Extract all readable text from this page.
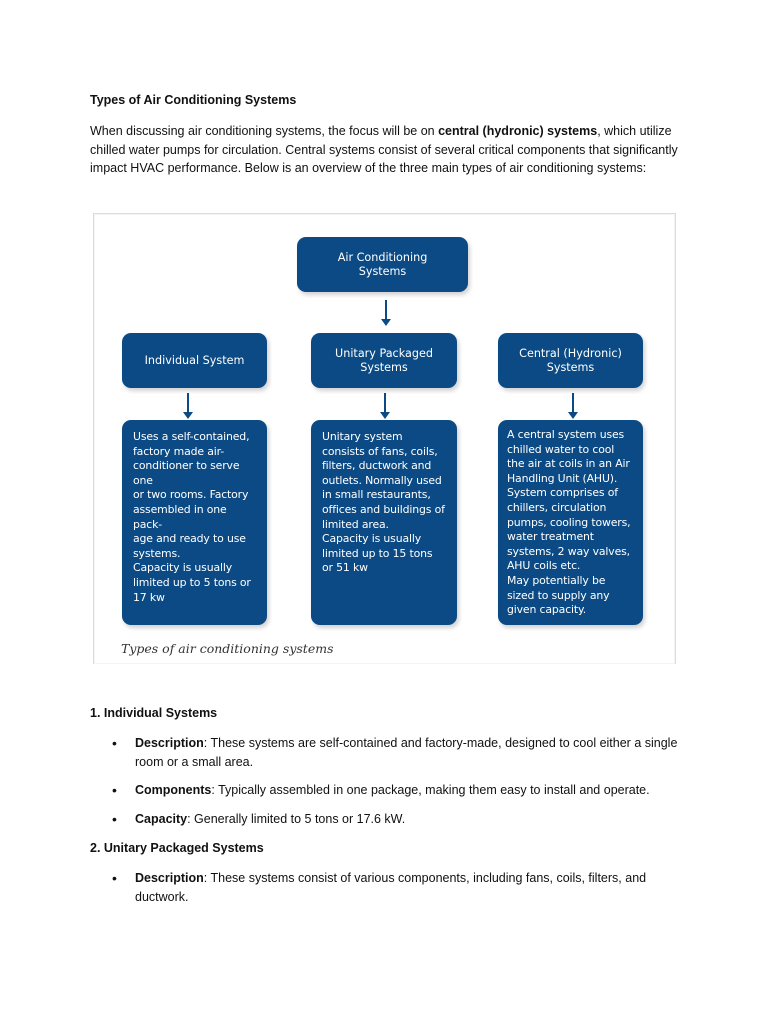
Types of Air Conditioning Systems

When discussing air conditioning systems, the focus will be on central (hydronic) systems, which utilize chilled water pumps for circulation. Central systems consist of several critical components that significantly impact HVAC performance. Below is an overview of the three main types of air conditioning systems:

Air Conditioning
Systems
Individual System
Unitary Packaged
Systems
Central (Hydronic)
Systems
Uses a self-contained,
factory made air-
conditioner to serve one
or two rooms. Factory
assembled in one pack-
age and ready to use
systems.
Capacity is usually
limited up to 5 tons or
17 kw
Unitary system
consists of fans, coils,
filters, ductwork and
outlets. Normally used
in small restaurants,
offices and buildings of
limited area.
Capacity is usually
limited up to 15 tons
or 51 kw
A central system uses
chilled water to cool
the air at coils in an Air
Handling Unit (AHU).
System comprises of
chillers, circulation
pumps, cooling towers,
water treatment
systems, 2 way valves,
AHU coils etc.
May potentially be
sized to supply any
given capacity.

Types of air conditioning systems

1. Individual Systems
• Description: These systems are self-contained and factory-made, designed to cool either a single room or a small area.
• Components: Typically assembled in one package, making them easy to install and operate.
• Capacity: Generally limited to 5 tons or 17.6 kW.
2. Unitary Packaged Systems
• Description: These systems consist of various components, including fans, coils, filters, and ductwork.
